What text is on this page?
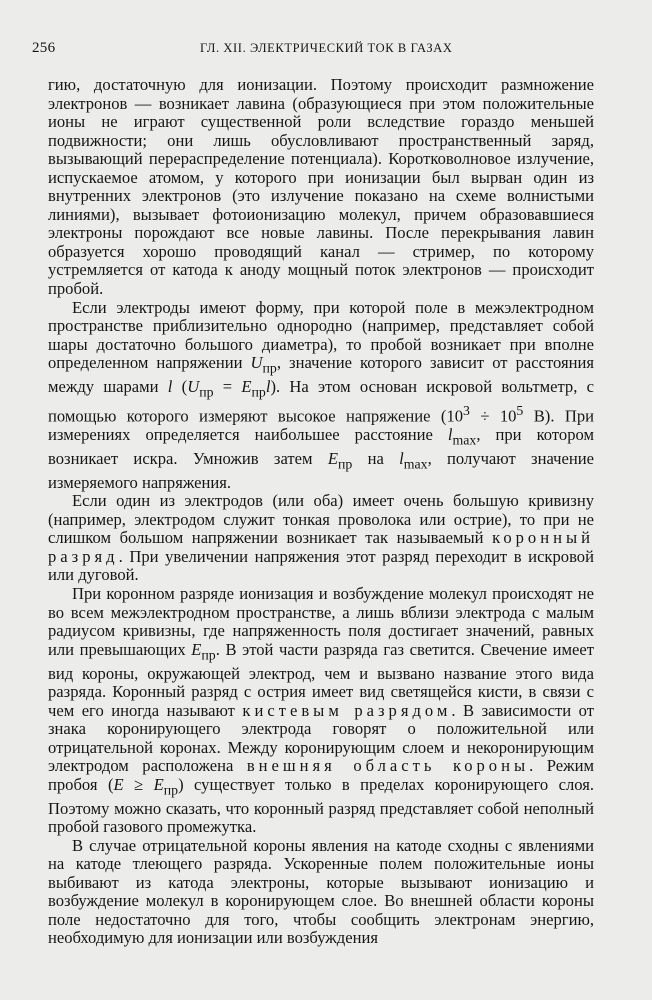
256	ГЛ. XII. ЭЛЕКТРИЧЕСКИЙ ТОК В ГАЗАХ

гию, достаточную для ионизации. Поэтому происходит размножение электронов — возникает лавина (образующиеся при этом положительные ионы не играют существенной роли вследствие гораздо меньшей подвижности; они лишь обусловливают пространственный заряд, вызывающий перераспределение потенциала). Коротковолновое излучение, испускаемое атомом, у которого при ионизации был вырван один из внутренних электронов (это излучение показано на схеме волнистыми линиями), вызывает фотоионизацию молекул, причем образовавшиеся электроны порождают все новые лавины. После перекрывания лавин образуется хорошо проводящий канал — стример, по которому устремляется от катода к аноду мощный поток электронов — происходит пробой.

Если электроды имеют форму, при которой поле в межэлектродном пространстве приблизительно однородно (например, представляет собой шары достаточно большого диаметра), то пробой возникает при вполне определенном напряжении $U_{пр}$, значение которого зависит от расстояния между шарами l $(U_{пр} = E_{пр}l)$. На этом основан искровой вольтметр, с помощью которого измеряют высокое напряжение ($10^3 \div 10^5$ В). При измерениях определяется наибольшее расстояние $l_{max}$, при котором возникает искра. Умножив затем $E_{пр}$ на $l_{max}$, получают значение измеряемого напряжения.

Если один из электродов (или оба) имеет очень большую кривизну (например, электродом служит тонкая проволока или острие), то при не слишком большом напряжении возникает так называемый коронный разряд. При увеличении напряжения этот разряд переходит в искровой или дуговой.

При коронном разряде ионизация и возбуждение молекул происходят не во всем межэлектродном пространстве, а лишь вблизи электрода с малым радиусом кривизны, где напряженность поля достигает значений, равных или превышающих $E_{пр}$. В этой части разряда газ светится. Свечение имеет вид короны, окружающей электрод, чем и вызвано название этого вида разряда. Коронный разряд с острия имеет вид светящейся кисти, в связи с чем его иногда называют кистевым разрядом. В зависимости от знака коронирующего электрода говорят о положительной или отрицательной коронах. Между коронирующим слоем и некоронирующим электродом расположена внешняя область короны. Режим пробоя $(E \ge E_{пр})$ существует только в пределах коронирующего слоя. Поэтому можно сказать, что коронный разряд представляет собой неполный пробой газового промежутка.

В случае отрицательной короны явления на катоде сходны с явлениями на катоде тлеющего разряда. Ускоренные полем положительные ионы выбивают из катода электроны, которые вызывают ионизацию и возбуждение молекул в коронирующем слое. Во внешней области короны поле недостаточно для того, чтобы сообщить электронам энергию, необходимую для ионизации или возбуждения
